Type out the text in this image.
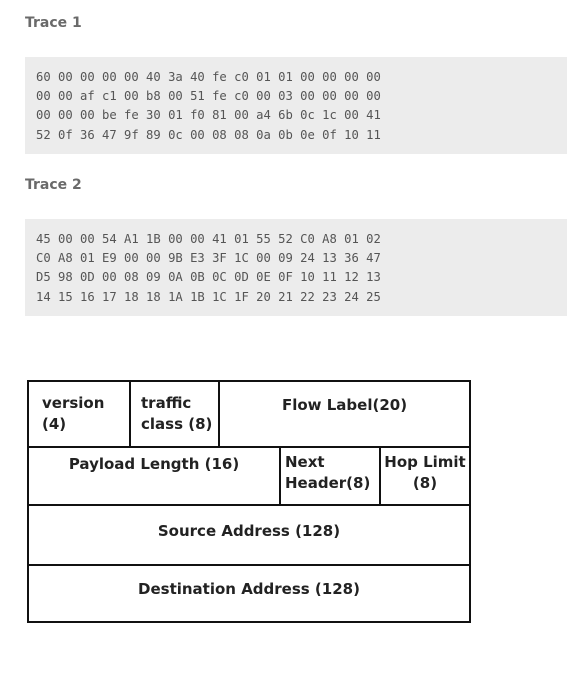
Trace 1
60 00 00 00 00 40 3a 40 fe c0 01 01 00 00 00 00
00 00 af c1 00 b8 00 51 fe c0 00 03 00 00 00 00
00 00 00 be fe 30 01 f0 81 00 a4 6b 0c 1c 00 41
52 0f 36 47 9f 89 0c 00 08 08 0a 0b 0e 0f 10 11
Trace 2
45 00 00 54 A1 1B 00 00 41 01 55 52 C0 A8 01 02
C0 A8 01 E9 00 00 9B E3 3F 1C 00 09 24 13 36 47
D5 98 0D 00 08 09 0A 0B 0C 0D 0E 0F 10 11 12 13
14 15 16 17 18 18 1A 1B 1C 1F 20 21 22 23 24 25
version
(4)
traffic
class (8)
Flow Label(20)
Payload Length (16)	Next
Header(8)
Hop Limit
(8)
Source Address (128)
Destination Address (128)
